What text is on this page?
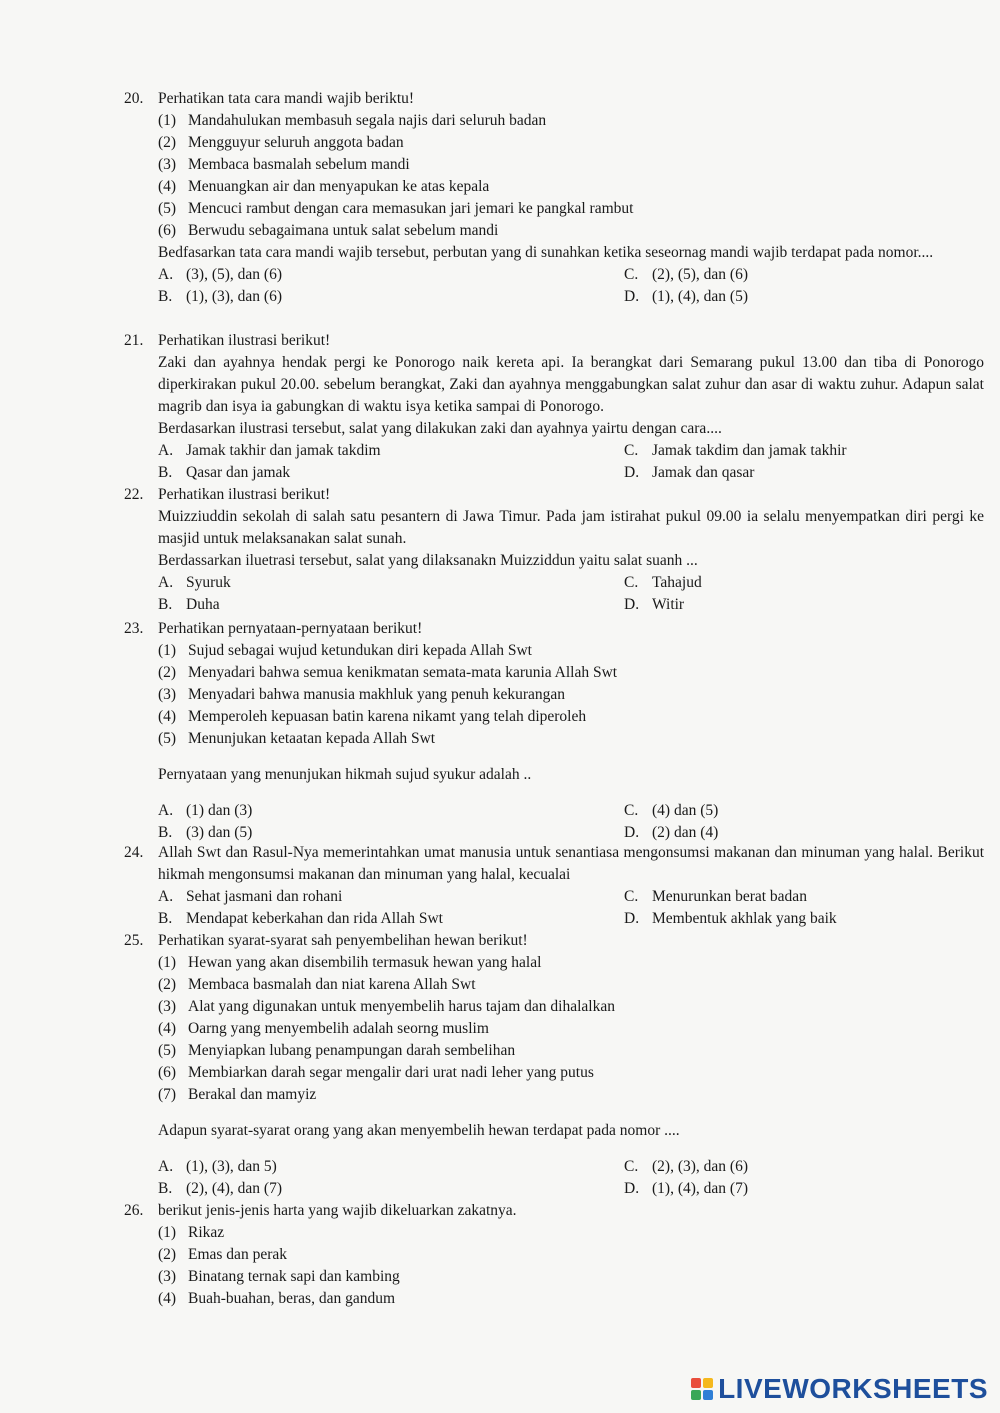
20. Perhatikan tata cara mandi wajib beriktu!
(1) Mandahulukan membasuh segala najis dari seluruh badan
(2) Mengguyur seluruh anggota badan
(3) Membaca basmalah sebelum mandi
(4) Menuangkan air dan menyapukan ke atas kepala
(5) Mencuci rambut dengan cara memasukan jari jemari ke pangkal rambut
(6) Berwudu sebagaimana untuk salat sebelum mandi
Bedfasarkan tata cara mandi wajib tersebut, perbutan yang di sunahkan ketika seseornag mandi wajib terdapat pada nomor....
A. (3), (5), dan (6)	C. (2), (5), dan (6)
B. (1), (3), dan (6)	D. (1), (4), dan (5)
21. Perhatikan ilustrasi berikut!
Zaki dan ayahnya hendak pergi ke Ponorogo naik kereta api. Ia berangkat dari Semarang pukul 13.00 dan tiba di Ponorogo diperkirakan pukul 20.00. sebelum berangkat, Zaki dan ayahnya menggabungkan salat zuhur dan asar di waktu zuhur. Adapun salat magrib dan isya ia gabungkan di waktu isya ketika sampai di Ponorogo.
Berdasarkan ilustrasi tersebut, salat yang dilakukan zaki dan ayahnya yairtu dengan cara....
A. Jamak takhir dan jamak takdim	C. Jamak takdim dan jamak takhir
B. Qasar dan jamak	D. Jamak dan qasar
22. Perhatikan ilustrasi berikut!
Muizziuddin sekolah di salah satu pesantern di Jawa Timur. Pada jam istirahat pukul 09.00 ia selalu menyempatkan diri pergi ke masjid untuk melaksanakan salat sunah.
Berdassarkan iluetrasi tersebut, salat yang dilaksanakn Muizziddun yaitu salat suanh ...
A. Syuruk	C. Tahajud
B. Duha	D. Witir
23. Perhatikan pernyataan-pernyataan berikut!
(1) Sujud sebagai wujud ketundukan diri kepada Allah Swt
(2) Menyadari bahwa semua kenikmatan semata-mata karunia Allah Swt
(3) Menyadari bahwa manusia makhluk yang penuh kekurangan
(4) Memperoleh kepuasan batin karena nikamt yang telah diperoleh
(5) Menunjukan ketaatan kepada Allah Swt
Pernyataan yang menunjukan hikmah sujud syukur adalah ..
A. (1) dan (3)	C. (4) dan (5)
B. (3) dan (5)	D. (2) dan (4)
24. Allah Swt dan Rasul-Nya memerintahkan umat manusia untuk senantiasa mengonsumsi makanan dan minuman yang halal. Berikut hikmah mengonsumsi makanan dan minuman yang halal, kecualai
A. Sehat jasmani dan rohani	C. Menurunkan berat badan
B. Mendapat keberkahan dan rida Allah Swt	D. Membentuk akhlak yang baik
25. Perhatikan syarat-syarat sah penyembelihan hewan berikut!
(1) Hewan yang akan disembilih termasuk hewan yang halal
(2) Membaca basmalah dan niat karena Allah Swt
(3) Alat yang digunakan untuk menyembelih harus tajam dan dihalalkan
(4) Oarng yang menyembelih adalah seorng muslim
(5) Menyiapkan lubang penampungan darah sembelihan
(6) Membiarkan darah segar mengalir dari urat nadi leher yang putus
(7) Berakal dan mamyiz
Adapun syarat-syarat orang yang akan menyembelih hewan terdapat pada nomor ....
A. (1), (3), dan 5)	C. (2), (3), dan (6)
B. (2), (4), dan (7)	D. (1), (4), dan (7)
26. berikut jenis-jenis harta yang wajib dikeluarkan zakatnya.
(1) Rikaz
(2) Emas dan perak
(3) Binatang ternak sapi dan kambing
(4) Buah-buahan, beras, dan gandum
LIVEWORKSHEETS
